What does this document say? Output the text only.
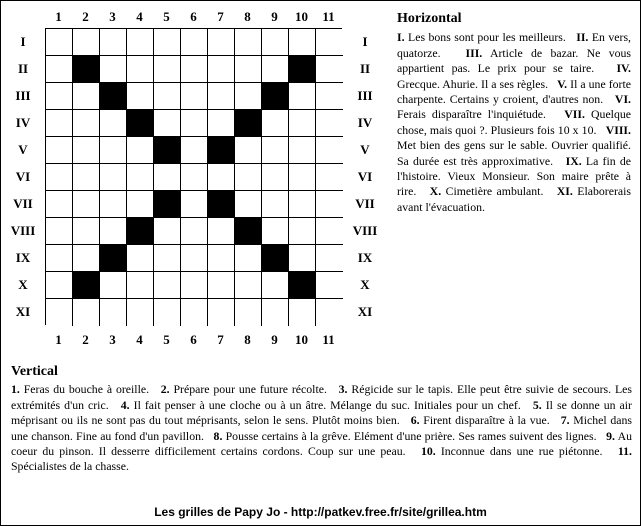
1	2	3	4	5	6	7	8	9	10	11
1	2	3	4	5	6	7	8	9	10	11
I
II
III
IV
V
VI
VII
VIII
IX
X
XI
I
II
III
IV
V
VI
VII
VIII
IX
X
XI
Horizontal
I. Les bons sont pour les meilleurs. II. En vers, quatorze. III. Article de bazar. Ne vous appartient pas. Le prix pour se taire. IV. Grecque. Ahurie. Il a ses règles. V. Il a une forte charpente. Certains y croient, d'autres non. VI. Ferais disparaître l'inquiétude. VII. Quelque chose, mais quoi ?. Plusieurs fois 10 x 10. VIII. Met bien des gens sur le sable. Ouvrier qualifié. Sa durée est très approximative. IX. La fin de l'histoire. Vieux Monsieur. Son maire prête à rire. X. Cimetière ambulant. XI. Elaborerais avant l'évacuation.
Vertical
1. Feras du bouche à oreille. 2. Prépare pour une future récolte. 3. Régicide sur le tapis. Elle peut être suivie de secours. Les extrémités d'un cric. 4. Il fait penser à une cloche ou à un âtre. Mélange du suc. Initiales pour un chef. 5. Il se donne un air méprisant ou ils ne sont pas du tout méprisants, selon le sens. Plutôt moins bien. 6. Firent disparaître à la vue. 7. Michel dans une chanson. Fine au fond d'un pavillon. 8. Pousse certains à la grêve. Elément d'une prière. Ses rames suivent des lignes. 9. Au coeur du pinson. Il desserre difficilement certains cordons. Coup sur une peau. 10. Inconnue dans une rue piétonne. 11. Spécialistes de la chasse.
Les grilles de Papy Jo - http://patkev.free.fr/site/grillea.htm
